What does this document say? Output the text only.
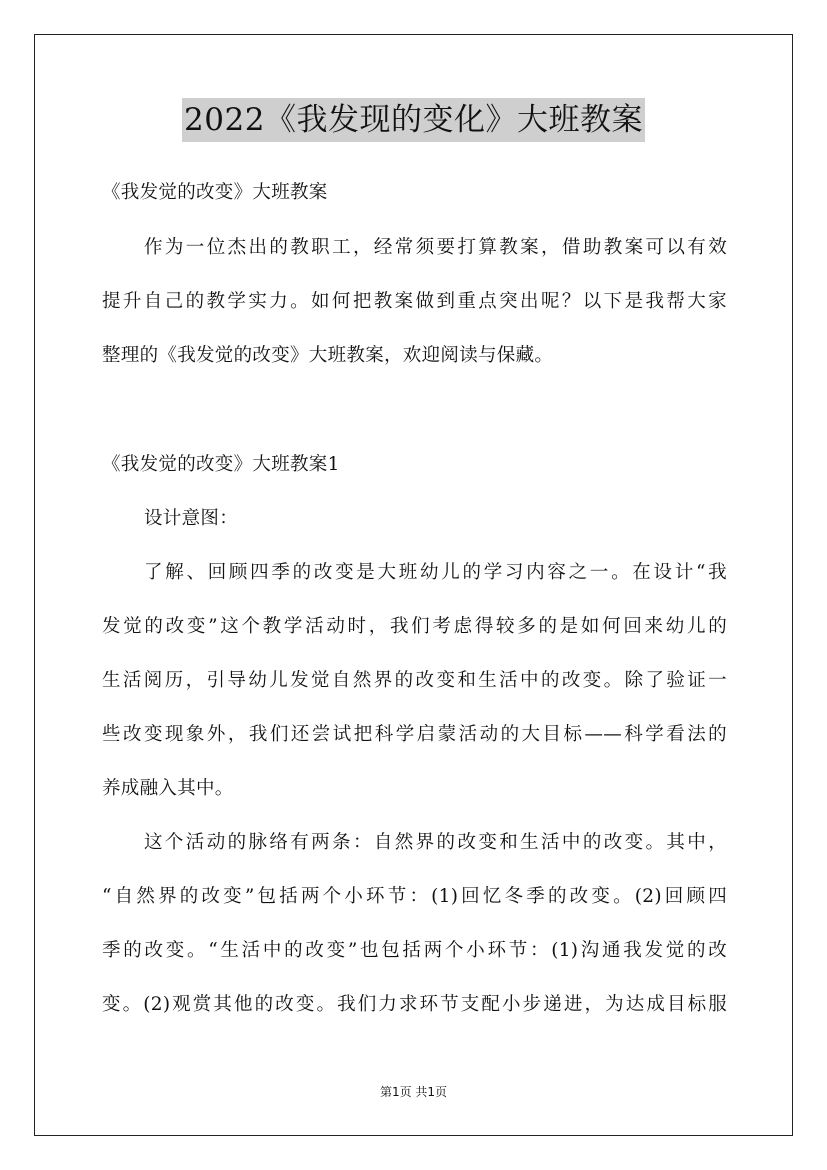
2022《我发现的变化》大班教案
《我发觉的改变》大班教案
作为一位杰出的教职工，经常须要打算教案，借助教案可以有效
提升自己的教学实力。如何把教案做到重点突出呢？以下是我帮大家
整理的《我发觉的改变》大班教案，欢迎阅读与保藏。
《我发觉的改变》大班教案1
设计意图：
了解、回顾四季的改变是大班幼儿的学习内容之一。在设计“我
发觉的改变”这个教学活动时，我们考虑得较多的是如何回来幼儿的
生活阅历，引导幼儿发觉自然界的改变和生活中的改变。除了验证一
些改变现象外，我们还尝试把科学启蒙活动的大目标——科学看法的
养成融入其中。
这个活动的脉络有两条：自然界的改变和生活中的改变。其中，
“自然界的改变”包括两个小环节：(1)回忆冬季的改变。(2)回顾四
季的改变。“生活中的改变”也包括两个小环节：(1)沟通我发觉的改
变。(2)观赏其他的改变。我们力求环节支配小步递进，为达成目标服
第1页 共1页
